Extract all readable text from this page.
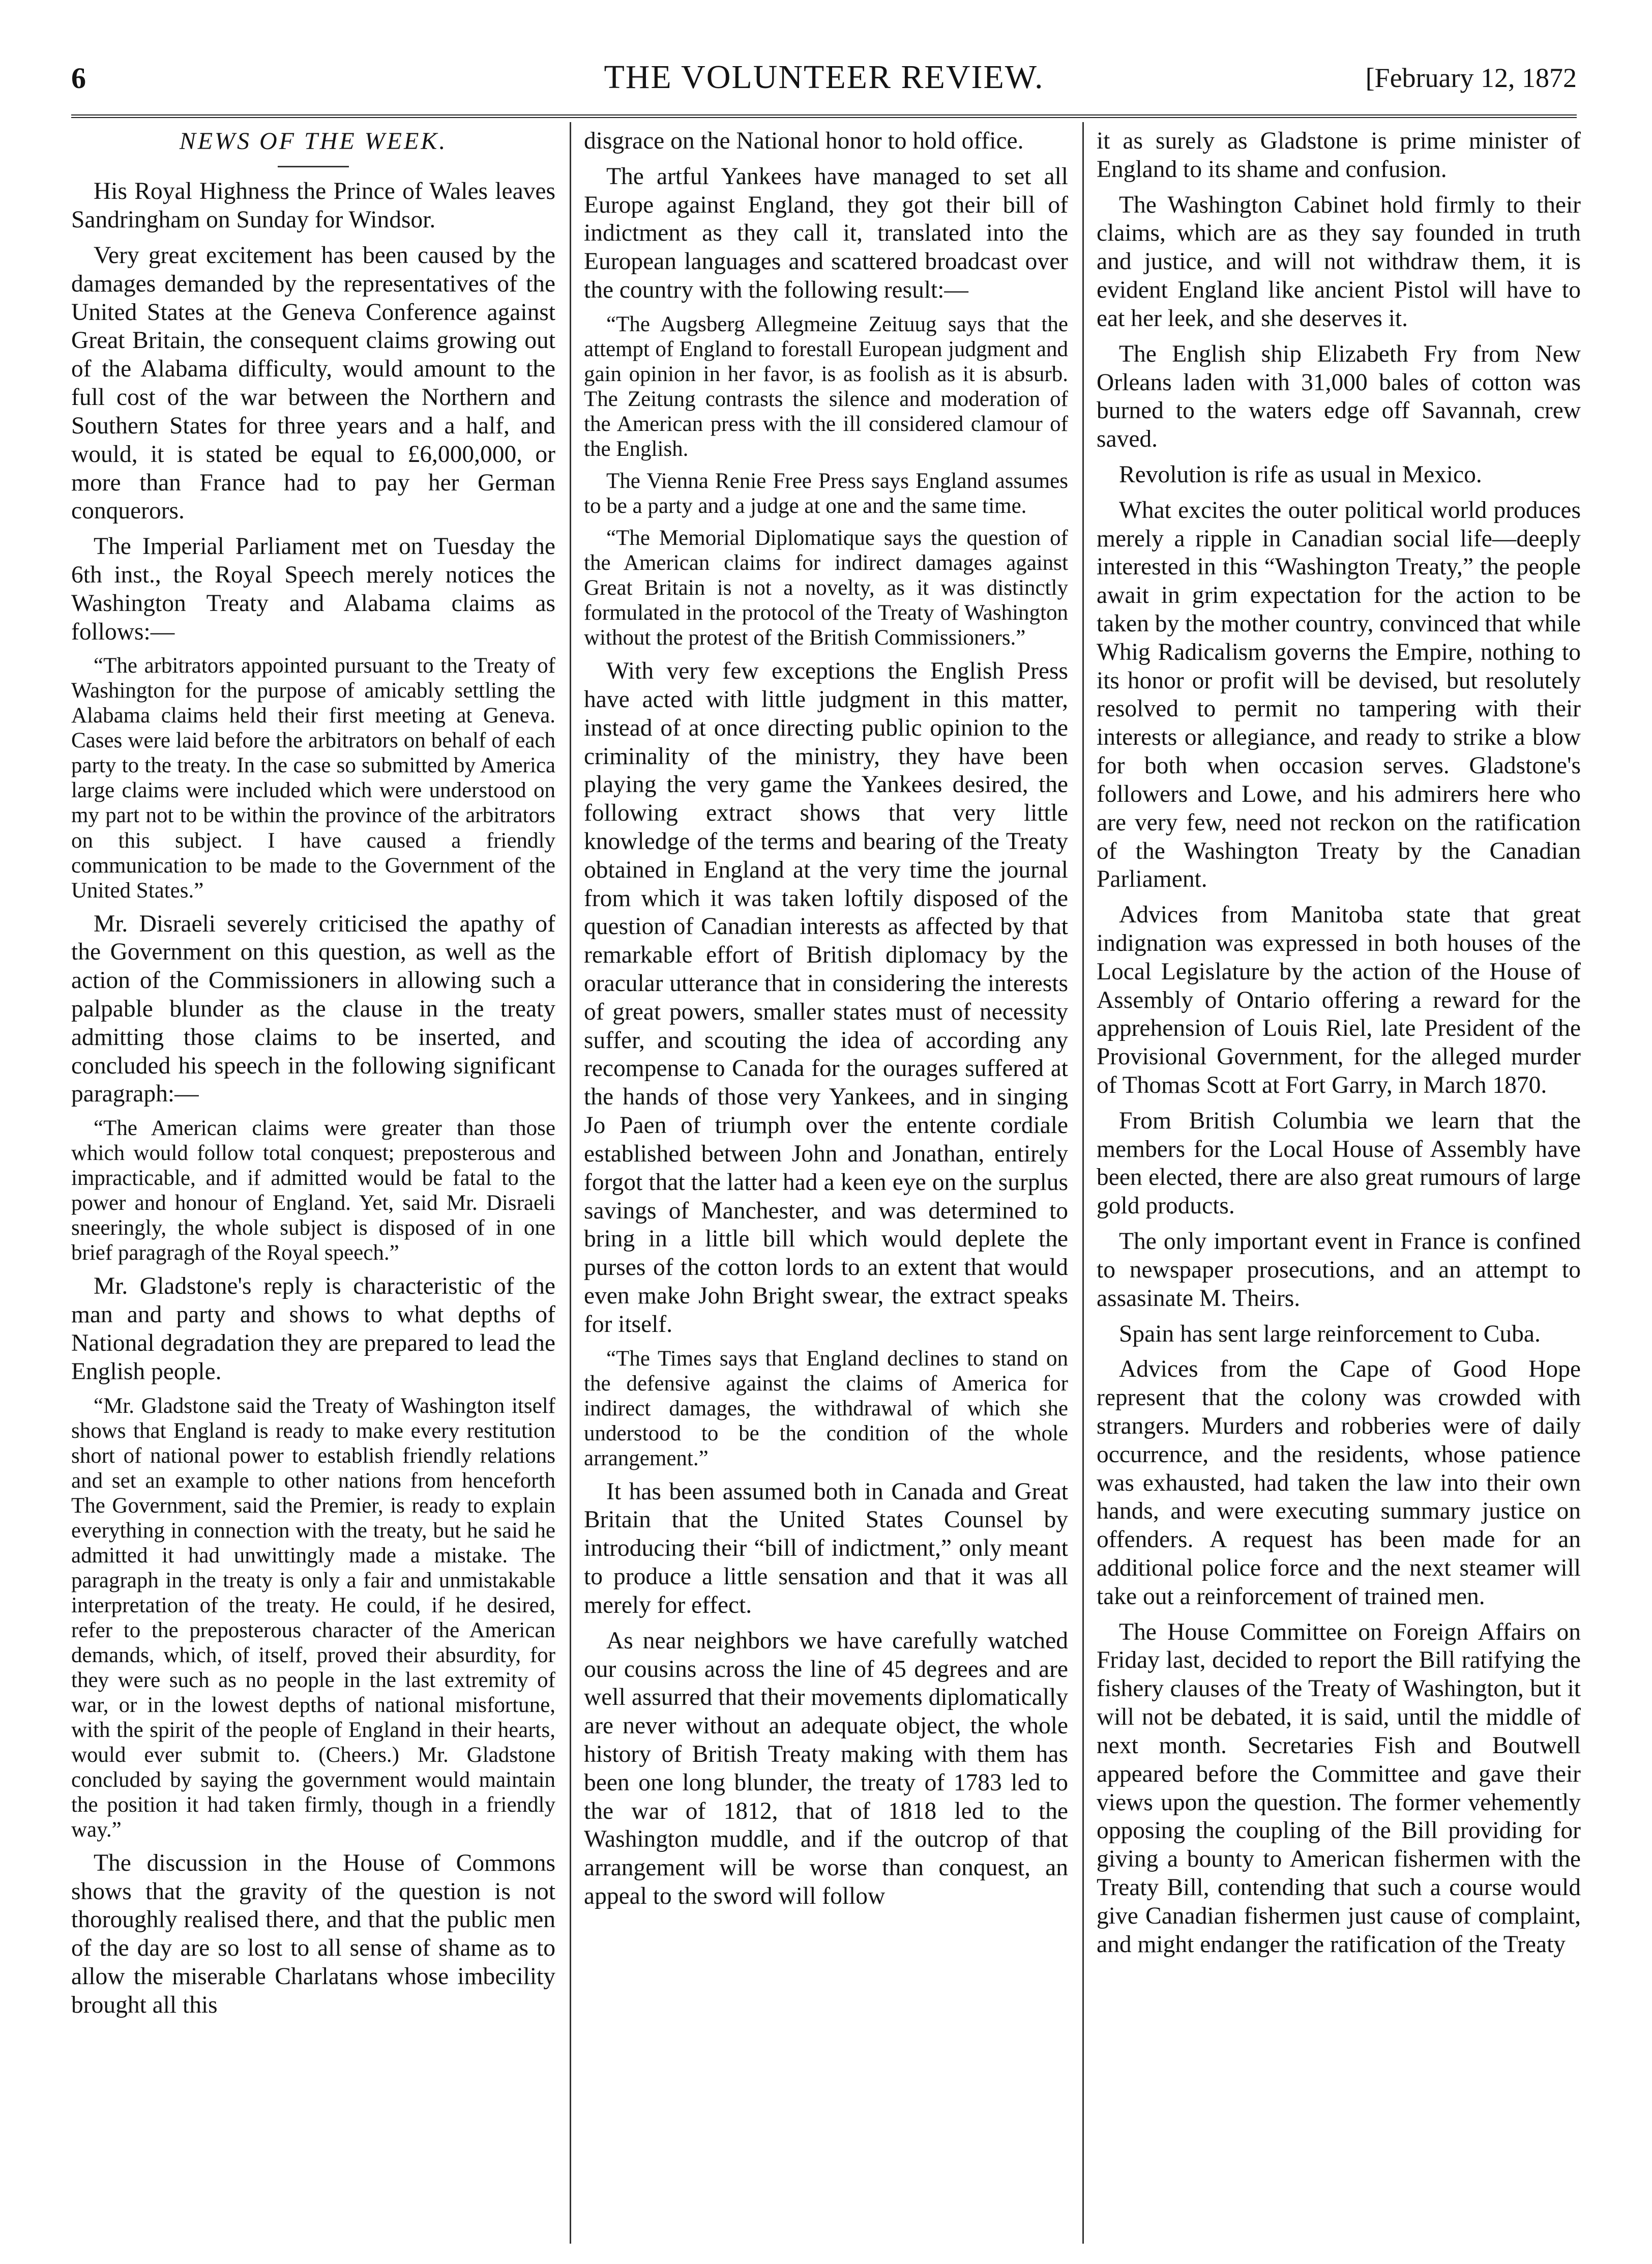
6	THE VOLUNTEER REVIEW.	[February 12, 1872
NEWS OF THE WEEK.

His Royal Highness the Prince of Wales leaves Sandringham on Sunday for Windsor.

Very great excitement has been caused by the damages demanded by the representatives of the United States at the Geneva Conference against Great Britain, the consequent claims growing out of the Alabama difficulty, would amount to the full cost of the war between the Northern and Southern States for three years and a half, and would, it is stated be equal to £6,000,000, or more than France had to pay her German conquerors.

The Imperial Parliament met on Tuesday the 6th inst., the Royal Speech merely notices the Washington Treaty and Alabama claims as follows:—

“The arbitrators appointed pursuant to the Treaty of Washington for the purpose of amicably settling the Alabama claims held their first meeting at Geneva. Cases were laid before the arbitrators on behalf of each party to the treaty. In the case so submitted by America large claims were included which were understood on my part not to be within the province of the arbitrators on this subject. I have caused a friendly communication to be made to the Government of the United States.”

Mr. Disraeli severely criticised the apathy of the Government on this question, as well as the action of the Commissioners in allowing such a palpable blunder as the clause in the treaty admitting those claims to be inserted, and concluded his speech in the following significant paragraph:—

“The American claims were greater than those which would follow total conquest; preposterous and impracticable, and if admitted would be fatal to the power and honour of England. Yet, said Mr. Disraeli sneeringly, the whole subject is disposed of in one brief paragragh of the Royal speech.”

Mr. Gladstone's reply is characteristic of the man and party and shows to what depths of National degradation they are prepared to lead the English people.

“Mr. Gladstone said the Treaty of Washington itself shows that England is ready to make every restitution short of national power to establish friendly relations and set an example to other nations from henceforth The Government, said the Premier, is ready to explain everything in connection with the treaty, but he said he admitted it had unwittingly made a mistake. The paragraph in the treaty is only a fair and unmistakable interpretation of the treaty. He could, if he desired, refer to the preposterous character of the American demands, which, of itself, proved their absurdity, for they were such as no people in the last extremity of war, or in the lowest depths of national misfortune, with the spirit of the people of England in their hearts, would ever submit to. (Cheers.) Mr. Gladstone concluded by saying the government would maintain the position it had taken firmly, though in a friendly way.”

The discussion in the House of Commons shows that the gravity of the question is not thoroughly realised there, and that the public men of the day are so lost to all sense of shame as to allow the miserable Charlatans whose imbecility brought all this

disgrace on the National honor to hold office.

The artful Yankees have managed to set all Europe against England, they got their bill of indictment as they call it, translated into the European languages and scattered broadcast over the country with the following result:—

“The Augsberg Allegmeine Zeituug says that the attempt of England to forestall European judgment and gain opinion in her favor, is as foolish as it is absurb. The Zeitung contrasts the silence and moderation of the American press with the ill considered clamour of the English.

The Vienna Renie Free Press says England assumes to be a party and a judge at one and the same time.

“The Memorial Diplomatique says the question of the American claims for indirect damages against Great Britain is not a novelty, as it was distinctly formulated in the protocol of the Treaty of Washington without the protest of the British Commissioners.”

With very few exceptions the English Press have acted with little judgment in this matter, instead of at once directing public opinion to the criminality of the ministry, they have been playing the very game the Yankees desired, the following extract shows that very little knowledge of the terms and bearing of the Treaty obtained in England at the very time the journal from which it was taken loftily disposed of the question of Canadian interests as affected by that remarkable effort of British diplomacy by the oracular utterance that in considering the interests of great powers, smaller states must of necessity suffer, and scouting the idea of according any recompense to Canada for the ourages suffered at the hands of those very Yankees, and in singing Jo Paen of triumph over the entente cordiale established between John and Jonathan, entirely forgot that the latter had a keen eye on the surplus savings of Manchester, and was determined to bring in a little bill which would deplete the purses of the cotton lords to an extent that would even make John Bright swear, the extract speaks for itself.

“The Times says that England declines to stand on the defensive against the claims of America for indirect damages, the withdrawal of which she understood to be the condition of the whole arrangement.”

It has been assumed both in Canada and Great Britain that the United States Counsel by introducing their “bill of indictment,” only meant to produce a little sensation and that it was all merely for effect.

As near neighbors we have carefully watched our cousins across the line of 45 degrees and are well assurred that their movements diplomatically are never without an adequate object, the whole history of British Treaty making with them has been one long blunder, the treaty of 1783 led to the war of 1812, that of 1818 led to the Washington muddle, and if the outcrop of that arrangement will be worse than conquest, an appeal to the sword will follow

it as surely as Gladstone is prime minister of England to its shame and confusion.

The Washington Cabinet hold firmly to their claims, which are as they say founded in truth and justice, and will not withdraw them, it is evident England like ancient Pistol will have to eat her leek, and she deserves it.

The English ship Elizabeth Fry from New Orleans laden with 31,000 bales of cotton was burned to the waters edge off Savannah, crew saved.

Revolution is rife as usual in Mexico.

What excites the outer political world produces merely a ripple in Canadian social life—deeply interested in this “Washington Treaty,” the people await in grim expectation for the action to be taken by the mother country, convinced that while Whig Radicalism governs the Empire, nothing to its honor or profit will be devised, but resolutely resolved to permit no tampering with their interests or allegiance, and ready to strike a blow for both when occasion serves. Gladstone's followers and Lowe, and his admirers here who are very few, need not reckon on the ratification of the Washington Treaty by the Canadian Parliament.

Advices from Manitoba state that great indignation was expressed in both houses of the Local Legislature by the action of the House of Assembly of Ontario offering a reward for the apprehension of Louis Riel, late President of the Provisional Government, for the alleged murder of Thomas Scott at Fort Garry, in March 1870.

From British Columbia we learn that the members for the Local House of Assembly have been elected, there are also great rumours of large gold products.

The only important event in France is confined to newspaper prosecutions, and an attempt to assasinate M. Theirs.

Spain has sent large reinforcement to Cuba.

Advices from the Cape of Good Hope represent that the colony was crowded with strangers. Murders and robberies were of daily occurrence, and the residents, whose patience was exhausted, had taken the law into their own hands, and were executing summary justice on offenders. A request has been made for an additional police force and the next steamer will take out a reinforcement of trained men.

The House Committee on Foreign Affairs on Friday last, decided to report the Bill ratifying the fishery clauses of the Treaty of Washington, but it will not be debated, it is said, until the middle of next month. Secretaries Fish and Boutwell appeared before the Committee and gave their views upon the question. The former vehemently opposing the coupling of the Bill providing for giving a bounty to American fishermen with the Treaty Bill, contending that such a course would give Canadian fishermen just cause of complaint, and might endanger the ratification of the Treaty
